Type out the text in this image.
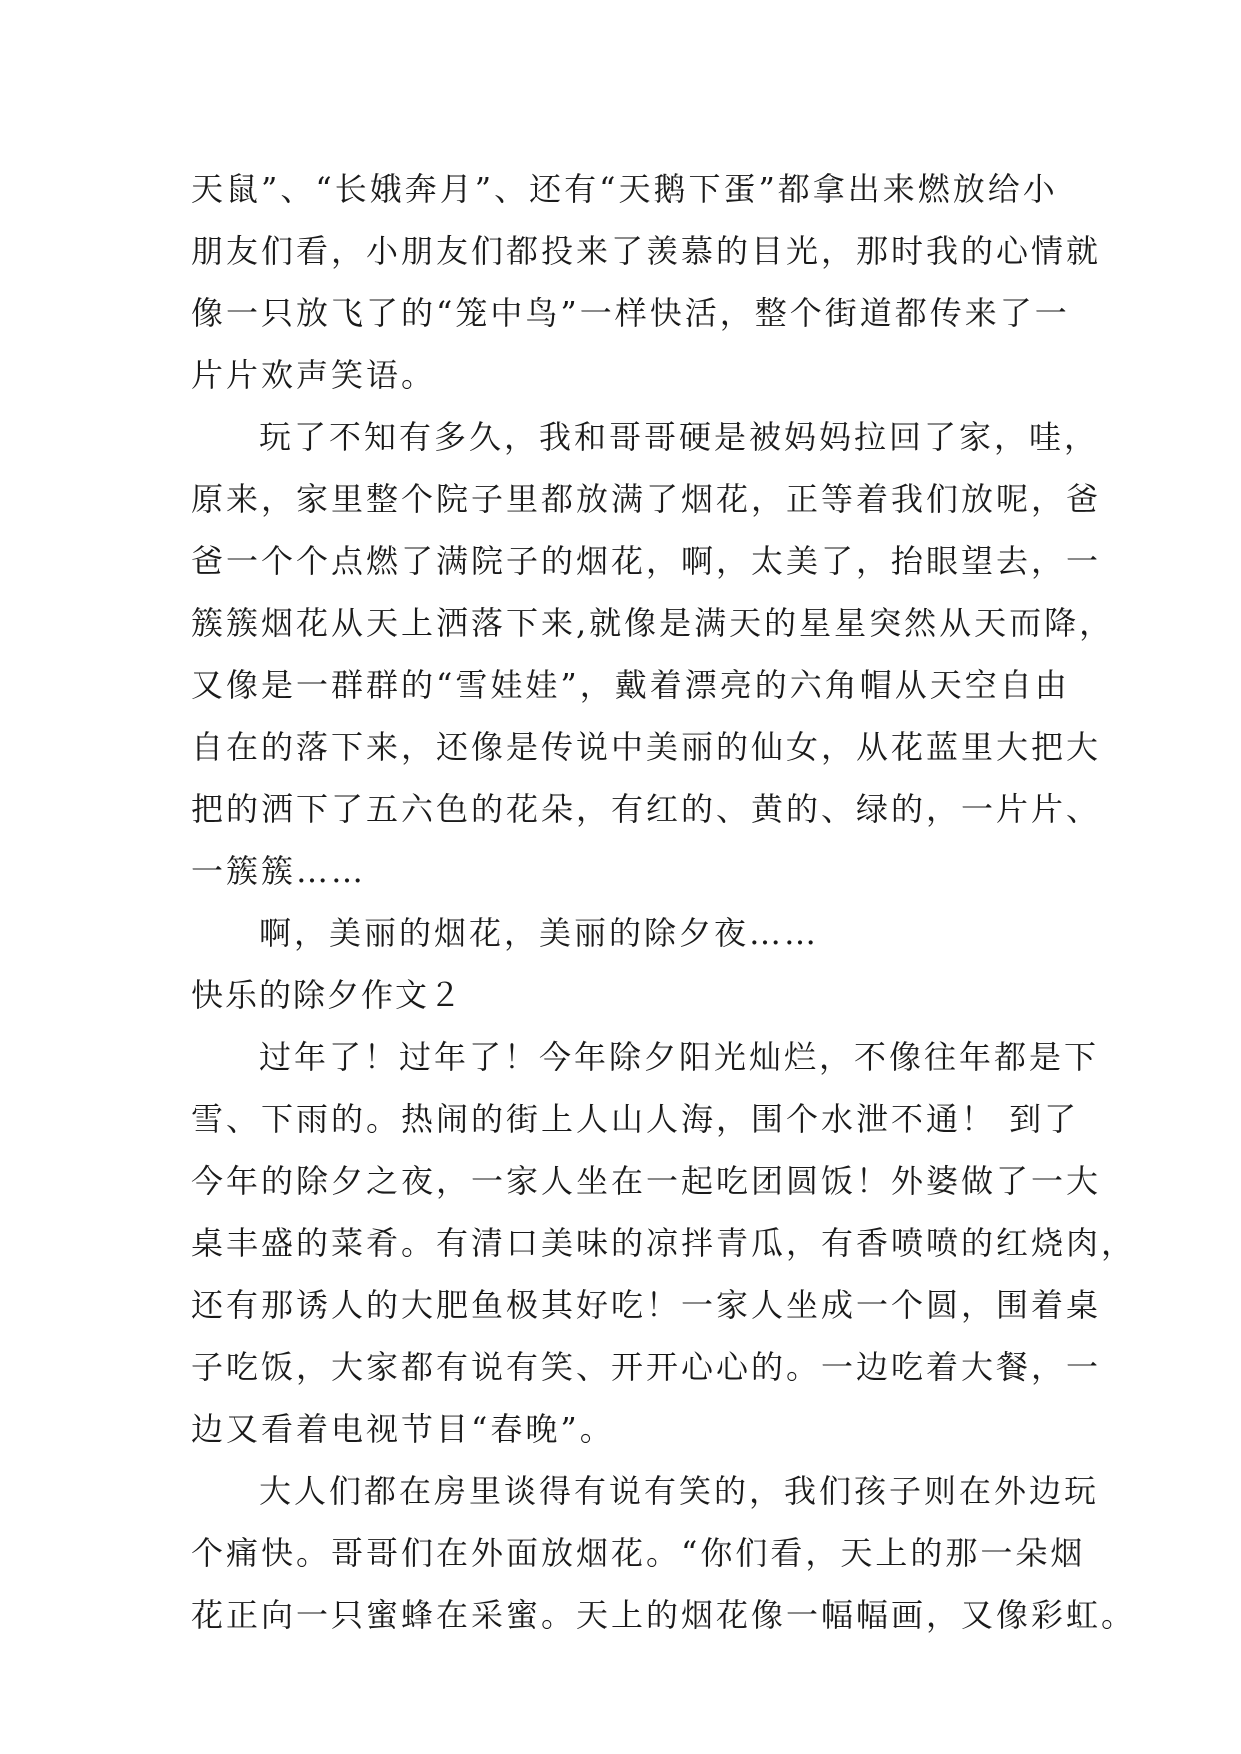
天鼠”、“长娥奔月”、还有“天鹅下蛋”都拿出来燃放给小
朋友们看，小朋友们都投来了羡慕的目光，那时我的心情就
像一只放飞了的“笼中鸟”一样快活，整个街道都传来了一
片片欢声笑语。
玩了不知有多久，我和哥哥硬是被妈妈拉回了家，哇，
原来，家里整个院子里都放满了烟花，正等着我们放呢，爸
爸一个个点燃了满院子的烟花，啊，太美了，抬眼望去，一
簇簇烟花从天上洒落下来,就像是满天的星星突然从天而降，
又像是一群群的“雪娃娃”，戴着漂亮的六角帽从天空自由
自在的落下来，还像是传说中美丽的仙女，从花蓝里大把大
把的洒下了五六色的花朵，有红的、黄的、绿的，一片片、
一簇簇……
啊，美丽的烟花，美丽的除夕夜……
快乐的除夕作文２
过年了！过年了！今年除夕阳光灿烂，不像往年都是下
雪、下雨的。热闹的街上人山人海，围个水泄不通！ 到了
今年的除夕之夜，一家人坐在一起吃团圆饭！外婆做了一大
桌丰盛的菜肴。有清口美味的凉拌青瓜，有香喷喷的红烧肉，
还有那诱人的大肥鱼极其好吃！一家人坐成一个圆，围着桌
子吃饭，大家都有说有笑、开开心心的。一边吃着大餐，一
边又看着电视节目“春晚”。
大人们都在房里谈得有说有笑的，我们孩子则在外边玩
个痛快。哥哥们在外面放烟花。“你们看，天上的那一朵烟
花正向一只蜜蜂在采蜜。天上的烟花像一幅幅画，又像彩虹。
